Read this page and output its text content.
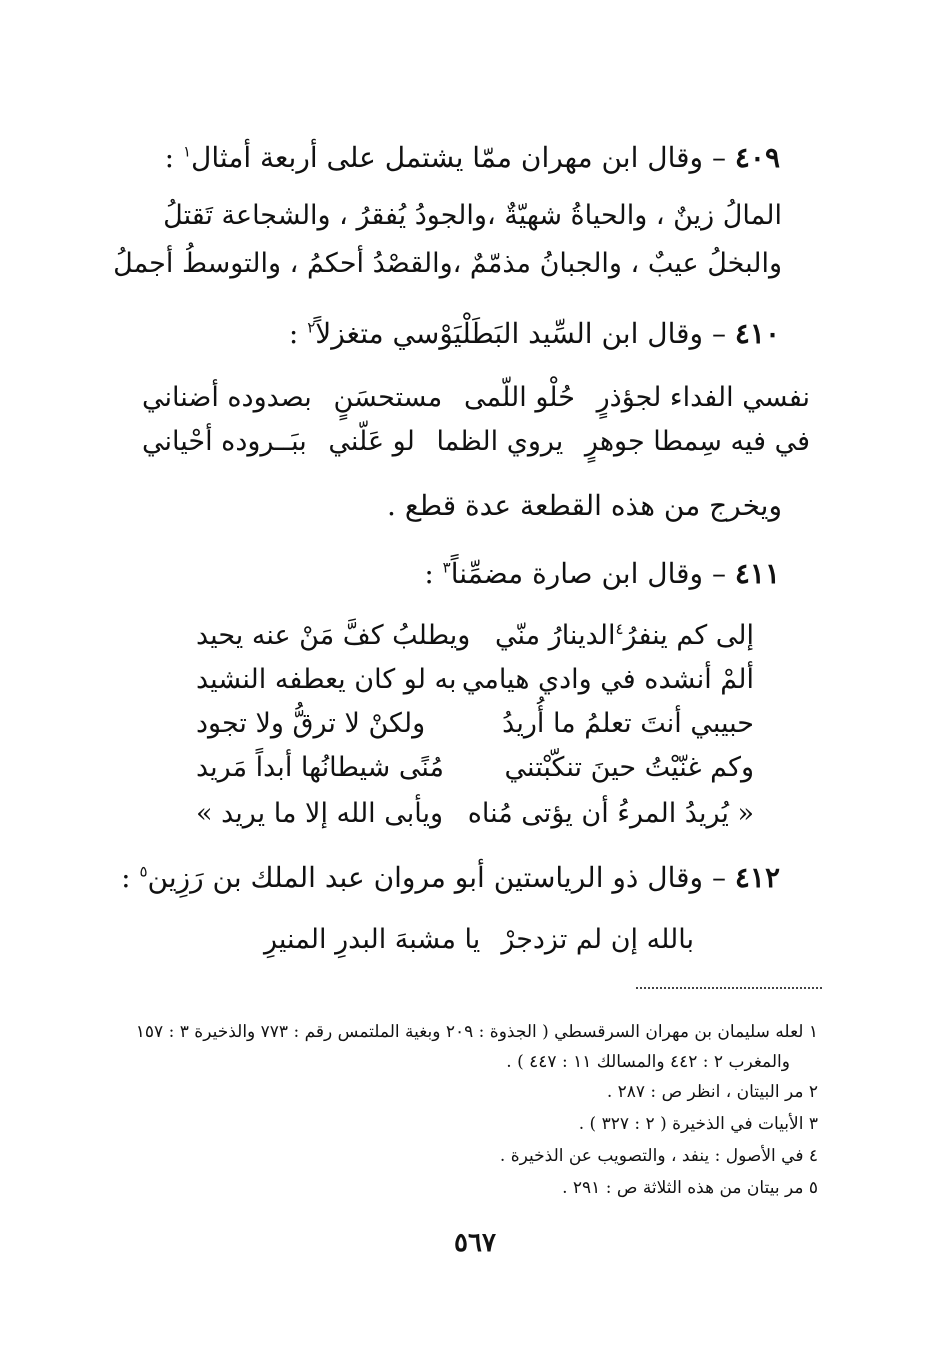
٤٠٩ – وقال ابن مهران ممّا يشتمل على أربعة أمثال$^١$ :
المالُ زينٌ ، والحياةُ شهيّةٌ ،
والجودُ يُفقرُ ، والشجاعة تَقتلُ
والبخلُ عيبٌ ، والجبانُ مذمّمٌ ،
والقصْدُ أحكمُ ، والتوسطُ أجملُ
٤١٠ – وقال ابن السِّيد البَطَلْيَوْسي متغزلاً$^٢$ :
نفسي الفداء لجؤذرٍ
حُلْو اللّمى
مستحسَنٍ
بصدوده أضناني
في فيه سِمطا جوهرٍ
يروي الظما
لو عَلّني
ببَــروده أحْياني
ويخرج من هذه القطعة عدة قطع .
٤١١ – وقال ابن صارة مضمِّناً$^٣$ :
إلى كم ينفرُ٤الدينارُ منّي
ويطلبُ كفَّ مَنْ عنه يحيد
ألمْ أنشده في وادي هيامي
به لو كان يعطفه النشيد
حبيبي أنتَ تعلمُ ما أُريدُ
ولكنْ لا ترقُّ ولا تجود
وكم غنّيْتُ حينَ تنكّبْتني
مُنًى شيطانُها أبداً مَريد
« يُريدُ المرءُ أن يؤتى مُناه
ويأبى الله إلا ما يريد »
٤١٢ – وقال ذو الرياستين أبو مروان عبد الملك بن رَزِين$^٥$ :
بالله إن لم تزدجرْ
يا مشبهَ البدرِ المنيرِ
١ لعله سليمان بن مهران السرقسطي ( الجذوة : ٢٠٩ وبغية الملتمس رقم : ٧٧٣ والذخيرة ٣ : ١٥٧
والمغرب ٢ : ٤٤٢ والمسالك ١١ : ٤٤٧ ) .
٢ مر البيتان ، انظر ص : ٢٨٧ .
٣ الأبيات في الذخيرة ( ٢ : ٣٢٧ ) .
٤ في الأصول : ينفد ، والتصويب عن الذخيرة .
٥ مر بيتان من هذه الثلاثة ص : ٢٩١ .
٥٦٧
